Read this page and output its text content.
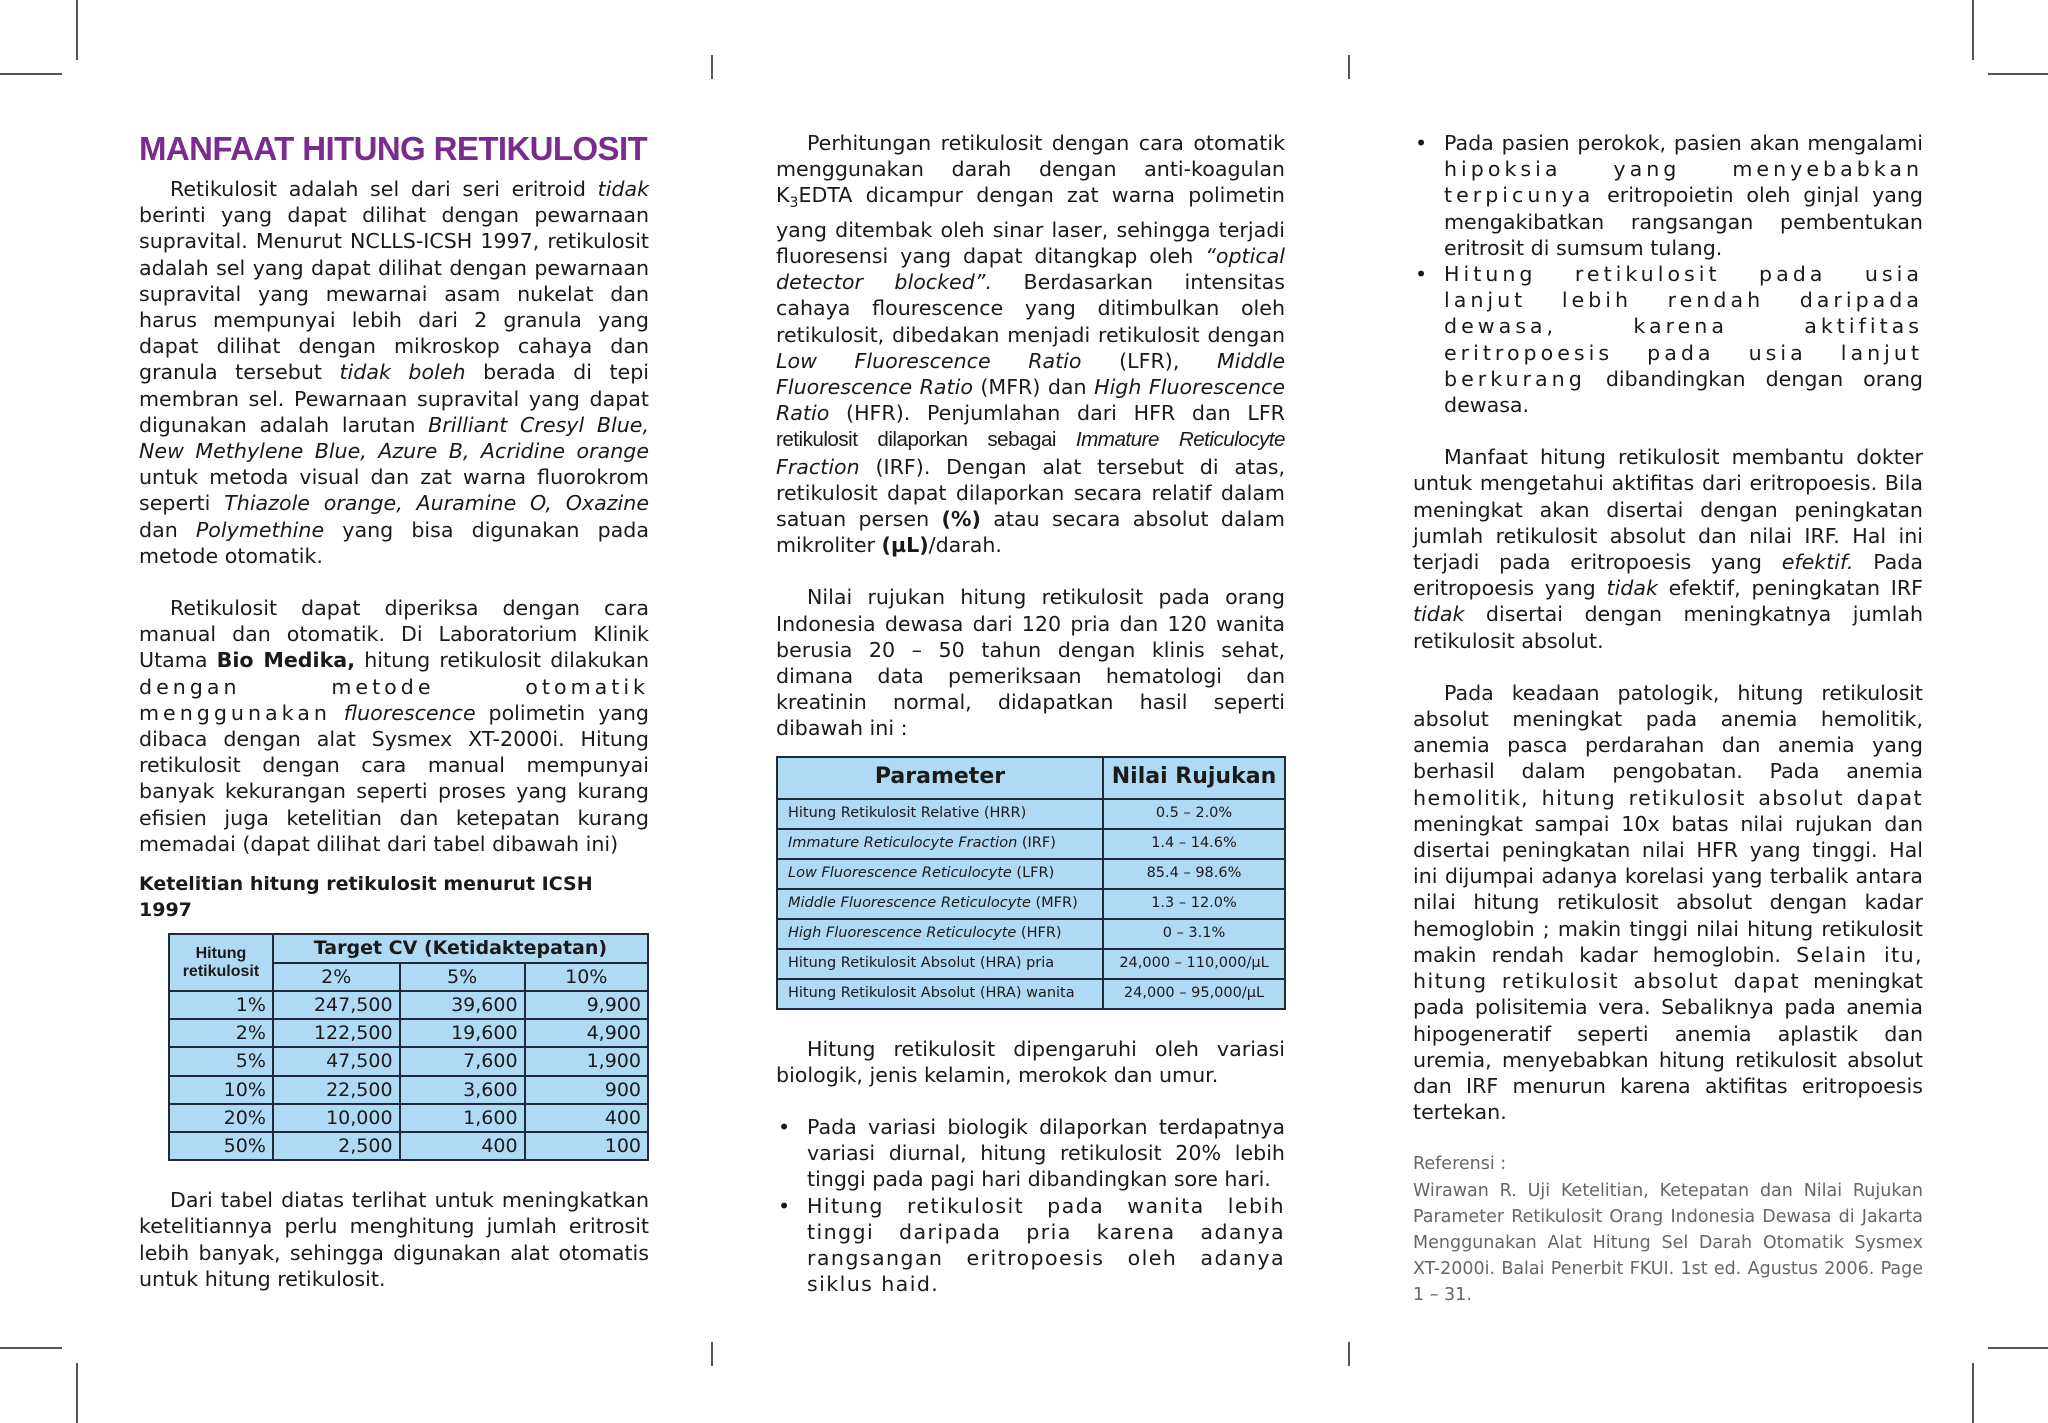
MANFAAT HITUNG RETIKULOSIT

Retikulosit adalah sel dari seri eritroid tidak berinti yang dapat dilihat dengan pewarnaan supravital. Menurut NCLLS-ICSH 1997, retikulosit adalah sel yang dapat dilihat dengan pewarnaan supravital yang mewarnai asam nukelat dan harus mempunyai lebih dari 2 granula yang dapat dilihat dengan mikroskop cahaya dan granula tersebut tidak boleh berada di tepi membran sel. Pewarnaan supravital yang dapat digunakan adalah larutan Brilliant Cresyl Blue, New Methylene Blue, Azure B, Acridine orange untuk metoda visual dan zat warna fluorokrom seperti Thiazole orange, Auramine O, Oxazine dan Polymethine yang bisa digunakan pada metode otomatik.

Retikulosit dapat diperiksa dengan cara manual dan otomatik. Di Laboratorium Klinik Utama Bio Medika, hitung retikulosit dilakukan dengan metode otomatik menggunakan fluorescence polimetin yang dibaca dengan alat Sysmex XT-2000i. Hitung retikulosit dengan cara manual mempunyai banyak kekurangan seperti proses yang kurang efisien juga ketelitian dan ketepatan kurang memadai (dapat dilihat dari tabel dibawah ini)

Ketelitian hitung retikulosit menurut ICSH 1997
Hitung retikulosit	Target CV (Ketidaktepatan)		
	2%	5%	10%
1%	247,500	39,600	9,900
2%	122,500	19,600	4,900
5%	47,500	7,600	1,900
10%	22,500	3,600	900
20%	10,000	1,600	400
50%	2,500	400	100

Dari tabel diatas terlihat untuk meningkatkan ketelitiannya perlu menghitung jumlah eritrosit lebih banyak, sehingga digunakan alat otomatis untuk hitung retikulosit.

Perhitungan retikulosit dengan cara otomatik menggunakan darah dengan anti-koagulan $K_3EDTA$ dicampur dengan zat warna polimetin yang ditembak oleh sinar laser, sehingga terjadi fluoresensi yang dapat ditangkap oleh “optical detector blocked”. Berdasarkan intensitas cahaya flourescence yang ditimbulkan oleh retikulosit, dibedakan menjadi retikulosit dengan Low Fluorescence Ratio (LFR), Middle Fluorescence Ratio (MFR) dan High Fluorescence Ratio (HFR). Penjumlahan dari HFR dan LFR retikulosit dilaporkan sebagai Immature Reticulocyte Fraction (IRF). Dengan alat tersebut di atas, retikulosit dapat dilaporkan secara relatif dalam satuan persen (%) atau secara absolut dalam mikroliter (µL)/darah.

Nilai rujukan hitung retikulosit pada orang Indonesia dewasa dari 120 pria dan 120 wanita berusia 20 – 50 tahun dengan klinis sehat, dimana data pemeriksaan hematologi dan kreatinin normal, didapatkan hasil seperti dibawah ini :

Parameter	Nilai Rujukan
Hitung Retikulosit Relative (HRR)	0.5 – 2.0%
Immature Reticulocyte Fraction (IRF)	1.4 – 14.6%
Low Fluorescence Reticulocyte (LFR)	85.4 – 98.6%
Middle Fluorescence Reticulocyte (MFR)	1.3 – 12.0%
High Fluorescence Reticulocyte (HFR)	0 – 3.1%
Hitung Retikulosit Absolut (HRA) pria	24,000 – 110,000/µL
Hitung Retikulosit Absolut (HRA) wanita	24,000 – 95,000/µL

Hitung retikulosit dipengaruhi oleh variasi biologik, jenis kelamin, merokok dan umur.

• Pada variasi biologik dilaporkan terdapatnya variasi diurnal, hitung retikulosit 20% lebih tinggi pada pagi hari dibandingkan sore hari.
• Hitung retikulosit pada wanita lebih tinggi daripada pria karena adanya rangsangan eritropoesis oleh adanya siklus haid.
• Pada pasien perokok, pasien akan mengalami hipoksia yang menyebabkan terpicunya eritropoietin oleh ginjal yang mengakibatkan rangsangan pembentukan eritrosit di sumsum tulang.
• Hitung retikulosit pada usia lanjut lebih rendah daripada dewasa, karena aktifitas eritropoesis pada usia lanjut berkurang dibandingkan dengan orang dewasa.

Manfaat hitung retikulosit membantu dokter untuk mengetahui aktifitas dari eritropoesis. Bila meningkat akan disertai dengan peningkatan jumlah retikulosit absolut dan nilai IRF. Hal ini terjadi pada eritropoesis yang efektif. Pada eritropoesis yang tidak efektif, peningkatan IRF tidak disertai dengan meningkatnya jumlah retikulosit absolut.

Pada keadaan patologik, hitung retikulosit absolut meningkat pada anemia hemolitik, anemia pasca perdarahan dan anemia yang berhasil dalam pengobatan. Pada anemia hemolitik, hitung retikulosit absolut dapat meningkat sampai 10x batas nilai rujukan dan disertai peningkatan nilai HFR yang tinggi. Hal ini dijumpai adanya korelasi yang terbalik antara nilai hitung retikulosit absolut dengan kadar hemoglobin ; makin tinggi nilai hitung retikulosit makin rendah kadar hemoglobin. Selain itu, hitung retikulosit absolut dapat meningkat pada polisitemia vera. Sebaliknya pada anemia hipogeneratif seperti anemia aplastik dan uremia, menyebabkan hitung retikulosit absolut dan IRF menurun karena aktifitas eritropoesis tertekan.

Referensi :

Wirawan R. Uji Ketelitian, Ketepatan dan Nilai Rujukan Parameter Retikulosit Orang Indonesia Dewasa di Jakarta Menggunakan Alat Hitung Sel Darah Otomatik Sysmex XT-2000i. Balai Penerbit FKUI. 1st ed. Agustus 2006. Page 1 – 31.
